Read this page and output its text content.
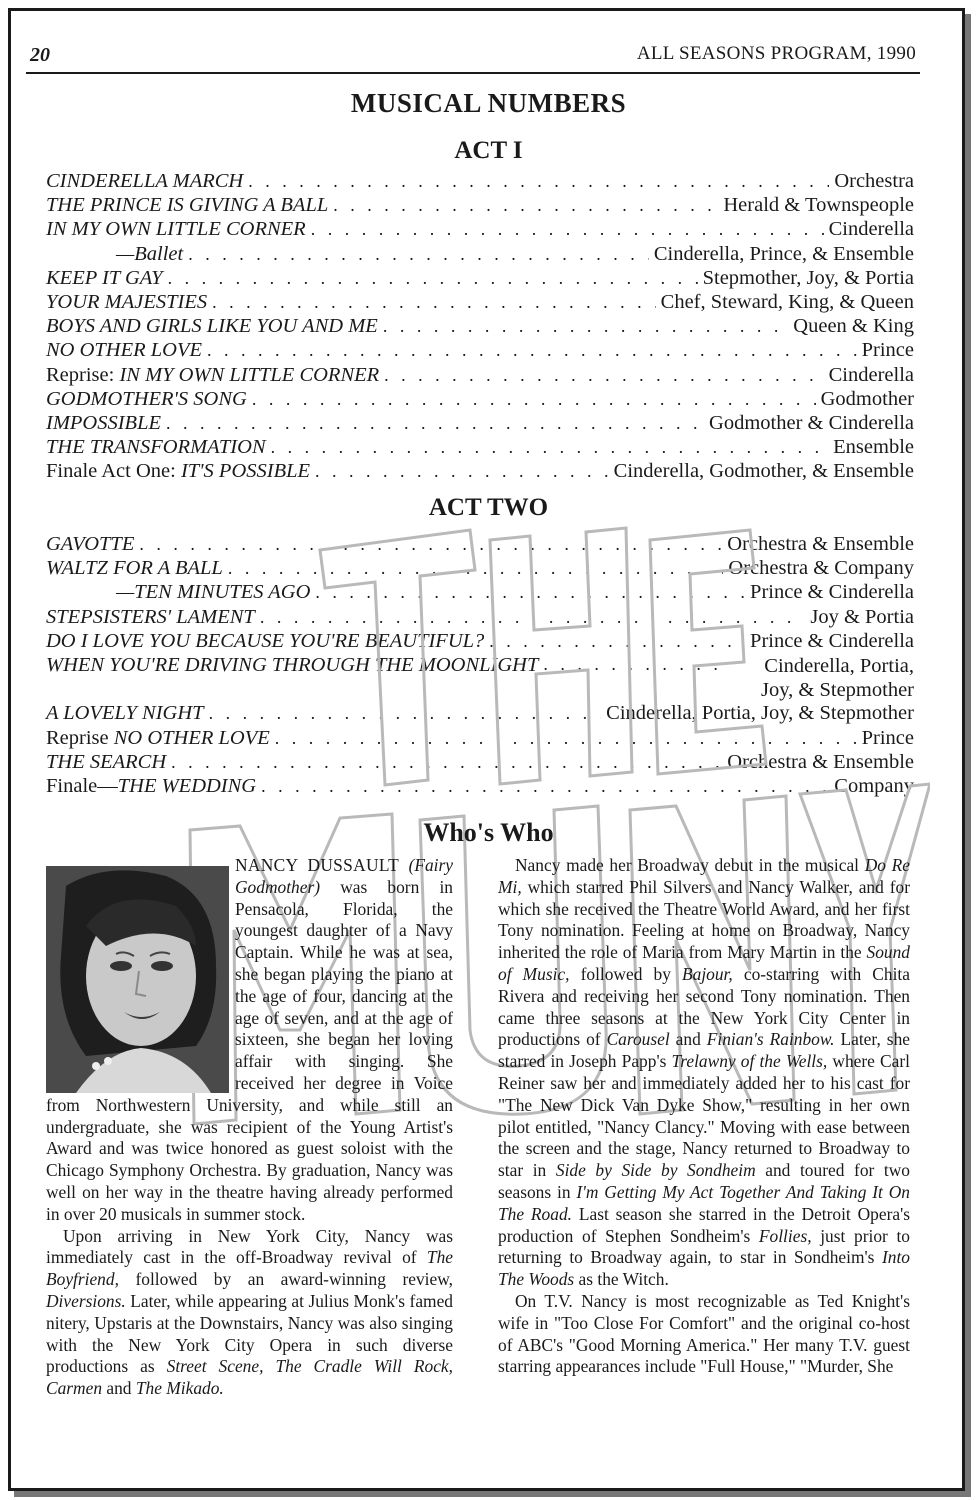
20	ALL SEASONS PROGRAM, 1990
MUSICAL NUMBERS
ACT I
CINDERELLA MARCH . . .	Orchestra
THE PRINCE IS GIVING A BALL . . .	Herald & Townspeople
IN MY OWN LITTLE CORNER . . .	Cinderella
—Ballet . . .	Cinderella, Prince, & Ensemble
KEEP IT GAY . . .	Stepmother, Joy, & Portia
YOUR MAJESTIES . . .	Chef, Steward, King, & Queen
BOYS AND GIRLS LIKE YOU AND ME . . .	Queen & King
NO OTHER LOVE . . .	Prince
Reprise: IN MY OWN LITTLE CORNER . . .	Cinderella
GODMOTHER'S SONG . . .	Godmother
IMPOSSIBLE . . .	Godmother & Cinderella
THE TRANSFORMATION . . .	Ensemble
Finale Act One: IT'S POSSIBLE . . .	Cinderella, Godmother, & Ensemble
ACT TWO
GAVOTTE . . .	Orchestra & Ensemble
WALTZ FOR A BALL . . .	Orchestra & Company
—TEN MINUTES AGO . . .	Prince & Cinderella
STEPSISTERS' LAMENT . . .	Joy & Portia
DO I LOVE YOU BECAUSE YOU'RE BEAUTIFUL? . . .	Prince & Cinderella
WHEN YOU'RE DRIVING THROUGH THE MOONLIGHT . . .	Cinderella, Portia, Joy, & Stepmother
A LOVELY NIGHT . . .	Cinderella, Portia, Joy, & Stepmother
Reprise NO OTHER LOVE . . .	Prince
THE SEARCH . . .	Orchestra & Ensemble
Finale—THE WEDDING . . .	Company
Who's Who

NANCY DUSSAULT (Fairy Godmother) was born in Pensacola, Florida, the youngest daughter of a Navy Captain. While he was at sea, she began playing the piano at the age of four, dancing at the age of seven, and at the age of sixteen, she began her loving affair with singing. She received her degree in Voice from Northwestern University, and while still an undergraduate, she was recipient of the Young Artist's Award and was twice honored as guest soloist with the Chicago Symphony Orchestra. By graduation, Nancy was well on her way in the theatre having already performed in over 20 musicals in summer stock.

Upon arriving in New York City, Nancy was immediately cast in the off-Broadway revival of The Boyfriend, followed by an award-winning review, Diversions. Later, while appearing at Julius Monk's famed nitery, Upstaris at the Downstairs, Nancy was also singing with the New York City Opera in such diverse productions as Street Scene, The Cradle Will Rock, Carmen and The Mikado.

Nancy made her Broadway debut in the musical Do Re Mi, which starred Phil Silvers and Nancy Walker, and for which she received the Theatre World Award, and her first Tony nomination. Feeling at home on Broadway, Nancy inherited the role of Maria from Mary Martin in the Sound of Music, followed by Bajour, co-starring with Chita Rivera and receiving her second Tony nomination. Then came three seasons at the New York City Center in productions of Carousel and Finian's Rainbow. Later, she starred in Joseph Papp's Trelawny of the Wells, where Carl Reiner saw her and immediately added her to his cast for "The New Dick Van Dyke Show," resulting in her own pilot entitled, "Nancy Clancy." Moving with ease between the screen and the stage, Nancy returned to Broadway to star in Side by Side by Sondheim and toured for two seasons in I'm Getting My Act Together And Taking It On The Road. Last season she starred in the Detroit Opera's production of Stephen Sondheim's Follies, just prior to returning to Broadway again, to star in Sondheim's Into The Woods as the Witch.

On T.V. Nancy is most recognizable as Ted Knight's wife in "Too Close For Comfort" and the original co-host of ABC's "Good Morning America." Her many T.V. guest starring appearances include "Full House," "Murder, She
